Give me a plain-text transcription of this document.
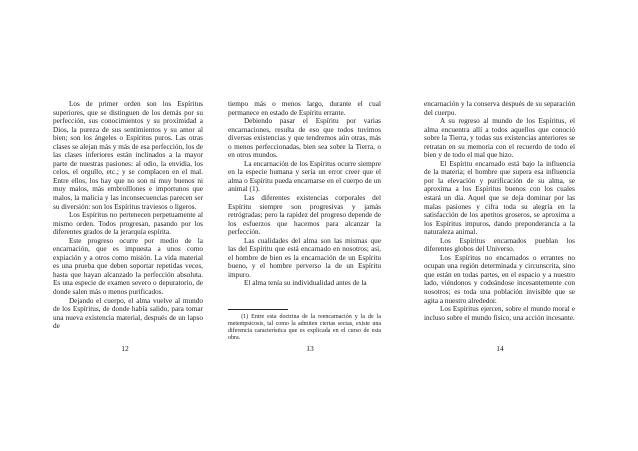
Los de primer orden son los Espíritus superiores, que se distinguen de los demás por su perfección, sus conocimientos y su proximidad a Dios, la pureza de sus sentimientos y su amor al bien; son los ángeles o Espíritus puros. Las otras clases se alejan más y más de esa perfección, los de las clases inferiores están inclinados a la mayor parte de nuestras pasiones: al odio, la envidia, los celos, el orgullo, etc.; y se complacen en el mal. Entre ellos, los hay que no son ni muy buenos ni muy malos, más embrolllones e importunos que malos, la malicia y las inconsecuencias parecen ser su diversión: son los Espíritus traviesos o ligeros.

Los Espíritus no pertenecen perpetuamente al mismo orden. Todos progresan, pasando por los diferentes grados de la jerarquía espírita.

Este progreso ocurre por medio de la encarnación, que es impuesta a unos como expiación y a otros como misión. La vida material es una prueba que deben soportar repetidas veces, hasta que hayan alcanzado la perfección absoluta. Es una especie de examen severo o depuratorio, de donde salen más o menos purificados.

Dejando el cuerpo, el alma vuelve al mundo de los Espíritus, de donde había salido, para tomar una nueva existencia material, después de un lapso de

12

tiempo más o menos largo, durante el cual permanece en estado de Espíritu errante.

Debiendo pasar el Espíritu por varias encarnaciones, resulta de eso que todos tuvimos diversas existencias y que tendremos aún otras, más o menos perfeccionadas, bien sea sobre la Tierra, o en otros mundos.

La encarnación de los Espíritus ocurre siempre en la especie humana y sería un error creer que el alma o Espíritu pueda encarnarse en el cuerpo de un animal (1).

Las diferentes existencias corporales del Espíritu siempre son progresivas y jamás retrógradas; pero la rapidez del progreso depende de los esfuerzos que hacemos para alcanzar la perfección.

Las cualidades del alma son las mismas que las del Espíritu que está encarnado en nosotros; así, el hombre de bien es la encarnación de un Espíritu bueno, y el hombre perverso la de un Espíritu impuro.

El alma tenía su individualidad antes de la

(1) Entre esta doctrina de la reencarnación y la de la metempsicosis, tal como la admiten ciertas sectas, existe una diferencia característica que es explicada en el curso de esta obra.

13

encarnación y la conserva después de su separación del cuerpo.

A su regreso al mundo de los Espíritus, el alma encuentra allí a todos aquellos que conoció sobre la Tierra, y todas sus existencias anteriores se retratan en su memoria con el recuerdo de todo el bien y de todo el mal que hizo.

El Espíritu encarnado está bajo la influencia de la materia; el hombre que supera esa influencia por la elevación y purificación de su alma, se aproxima a los Espíritus buenos con los cuales estará un día. Aquel que se deja dominar por las malas pasiones y cifra toda su alegría en la satisfacción de los apetitos groseros, se aproxima a los Espíritus impuros, dando preponderancia a la naturaleza animal.

Los Espíritus encarnados pueblan los diferentes globos del Universo.

Los Espíritus no encarnados o errantes no ocupan una región determinada y circunscrita, sino que están en todas partes, en el espacio y a nuestro lado, viéndonos y codeándose incesantemente con nosotros; es toda una población invisible que se agita a nuestro alrededor.

Los Espíritus ejercen, sobre el mundo moral e incluso sobre el mundo físico, una acción incesante.

14
